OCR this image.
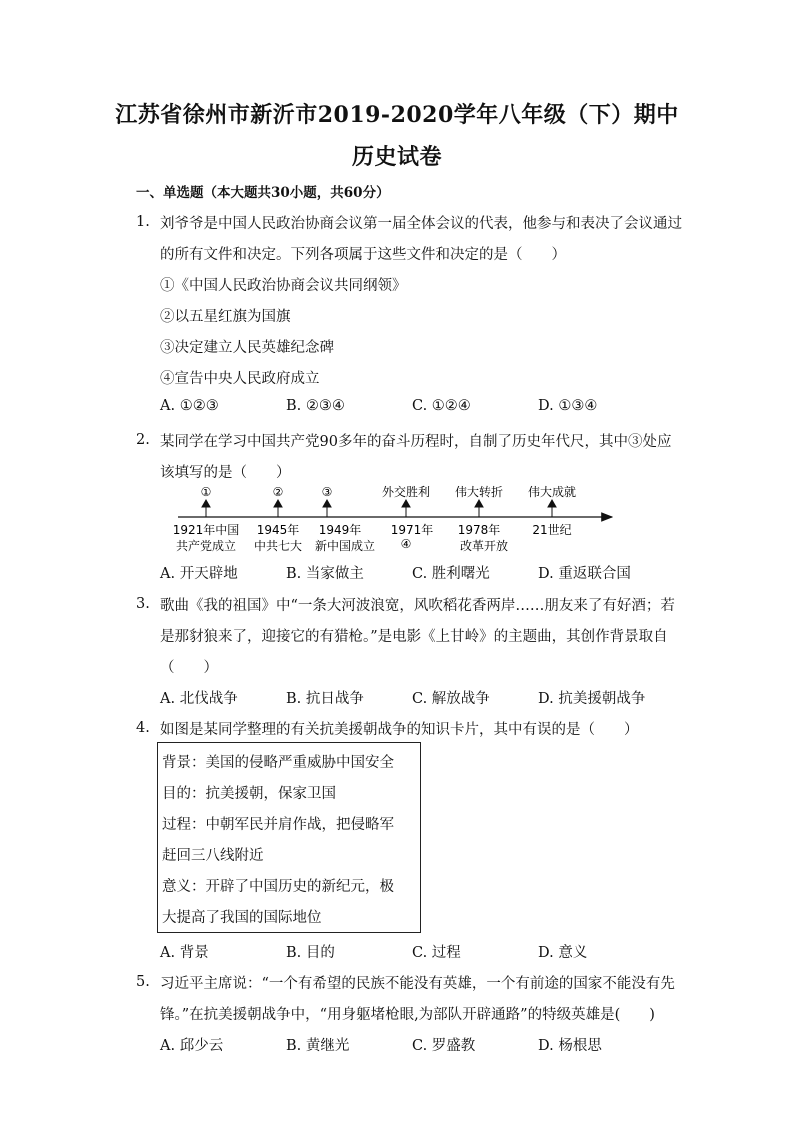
江苏省徐州市新沂市2019-2020学年八年级（下）期中
历史试卷
一、单选题（本大题共30小题，共60分）
1. 刘爷爷是中国人民政治协商会议第一届全体会议的代表，他参与和表决了会议通过
的所有文件和决定。下列各项属于这些文件和决定的是（　　）
①《中国人民政治协商会议共同纲领》
②以五星红旗为国旗
③决定建立人民英雄纪念碑
④宣告中央人民政府成立
A. ①②③	B. ②③④	C. ①②④	D. ①③④
2. 某同学在学习中国共产党90多年的奋斗历程时，自制了历史年代尺，其中③处应
该填写的是（　　）
①	②	③	外交胜利 伟大转折 伟大成就
1921年中国 1945年 1949年 1971年 1978年	21世纪
共产党成立 中共七大 新中国成立 ④	改革开放
A. 开天辟地	B. 当家做主	C. 胜利曙光	D. 重返联合国
3. 歌曲《我的祖国》中“一条大河波浪宽，风吹稻花香两岸……朋友来了有好酒；若
是那豺狼来了，迎接它的有猎枪。”是电影《上甘岭》的主题曲，其创作背景取自
（　　）
A. 北伐战争	B. 抗日战争	C. 解放战争	D. 抗美援朝战争
4. 如图是某同学整理的有关抗美援朝战争的知识卡片，其中有误的是（　　）
背景：美国的侵略严重威胁中国安全
目的：抗美援朝，保家卫国
过程：中朝军民并肩作战，把侵略军
赶回三八线附近
意义：开辟了中国历史的新纪元，极
大提高了我国的国际地位
A. 背景	B. 目的	C. 过程	D. 意义
5. 习近平主席说：“一个有希望的民族不能没有英雄，一个有前途的国家不能没有先
锋。”在抗美援朝战争中，“用身躯堵枪眼,为部队开辟通路”的特级英雄是(　　)
A. 邱少云	B. 黄继光	C. 罗盛教	D. 杨根思
